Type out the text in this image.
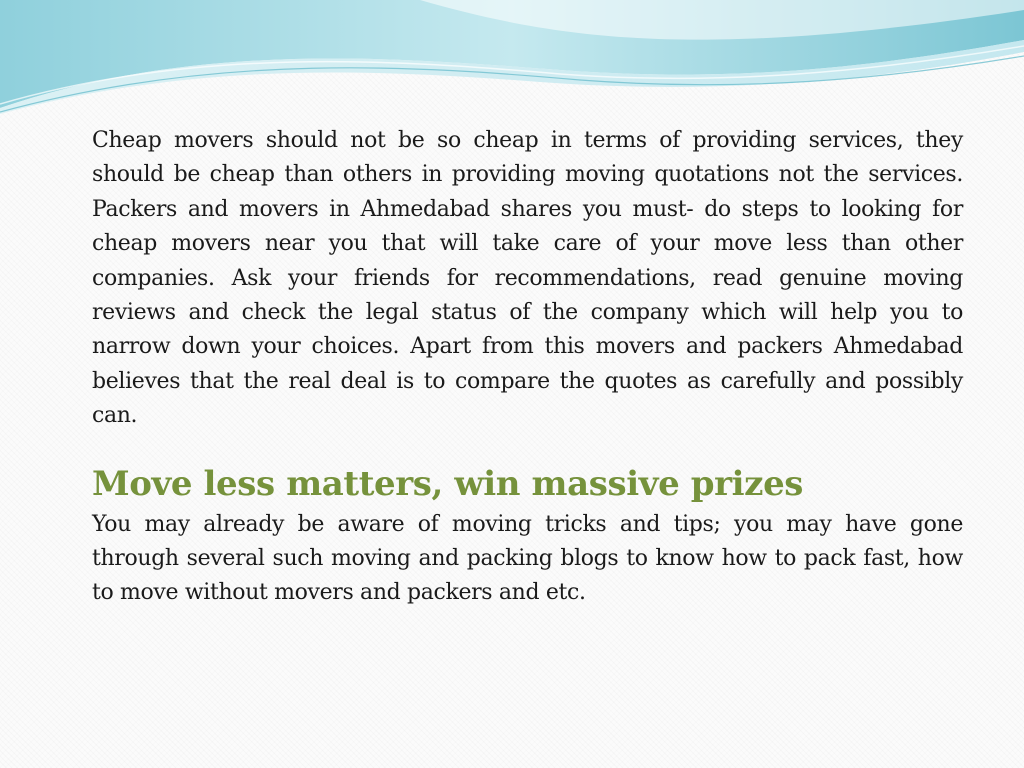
Cheap movers should not be so cheap in terms of providing services, they should be cheap than others in providing moving quotations not the services. Packers and movers in Ahmedabad shares you must- do steps to looking for cheap movers near you that will take care of your move less than other companies. Ask your friends for recommendations, read genuine moving reviews and check the legal status of the company which will help you to narrow down your choices. Apart from this movers and packers Ahmedabad believes that the real deal is to compare the quotes as carefully and possibly can.

Move less matters, win massive prizes

You may already be aware of moving tricks and tips; you may have gone through several such moving and packing blogs to know how to pack fast, how to move without movers and packers and etc.
